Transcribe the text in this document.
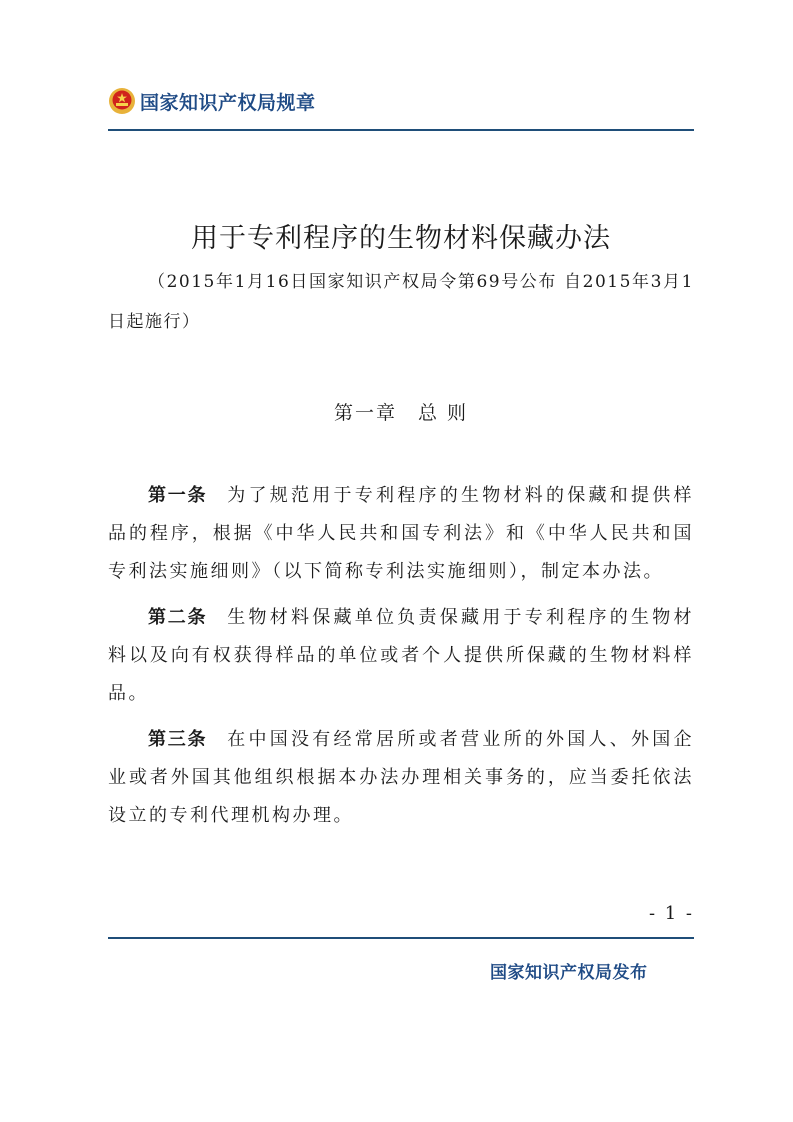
国家知识产权局规章
用于专利程序的生物材料保藏办法
（2015年1月16日国家知识产权局令第69号公布 自2015年3月1日起施行）
第一章　总 则

第一条 为了规范用于专利程序的生物材料的保藏和提供样品的程序，根据《中华人民共和国专利法》和《中华人民共和国专利法实施细则》（以下简称专利法实施细则），制定本办法。

第二条 生物材料保藏单位负责保藏用于专利程序的生物材料以及向有权获得样品的单位或者个人提供所保藏的生物材料样品。

第三条 在中国没有经常居所或者营业所的外国人、外国企业或者外国其他组织根据本办法办理相关事务的，应当委托依法设立的专利代理机构办理。

- 1 -
国家知识产权局发布
